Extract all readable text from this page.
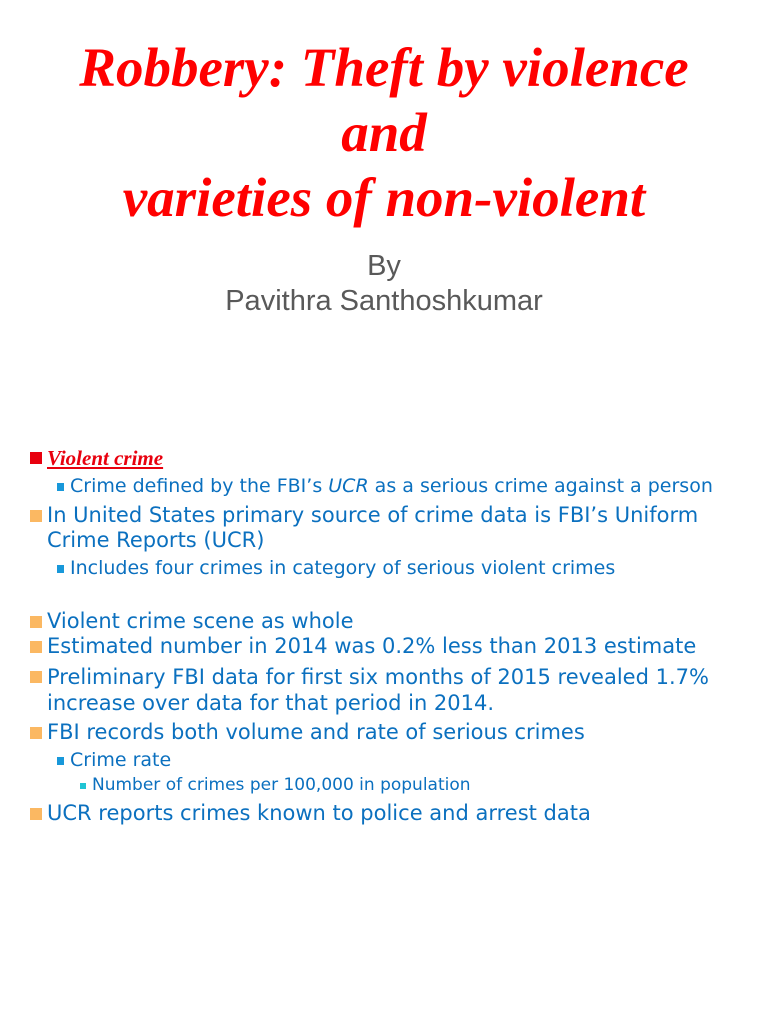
Robbery: Theft by violence
and
varieties of non-violent
By
Pavithra Santhoshkumar
Violent crime
Crime defined by the FBI’s UCR as a serious crime against a person
In United States primary source of crime data is FBI’s Uniform Crime Reports (UCR)
Includes four crimes in category of serious violent crimes
Violent crime scene as whole
Estimated number in 2014 was 0.2% less than 2013 estimate
Preliminary FBI data for first six months of 2015 revealed 1.7% increase over data for that period in 2014.
FBI records both volume and rate of serious crimes
Crime rate
Number of crimes per 100,000 in population
UCR reports crimes known to police and arrest data
